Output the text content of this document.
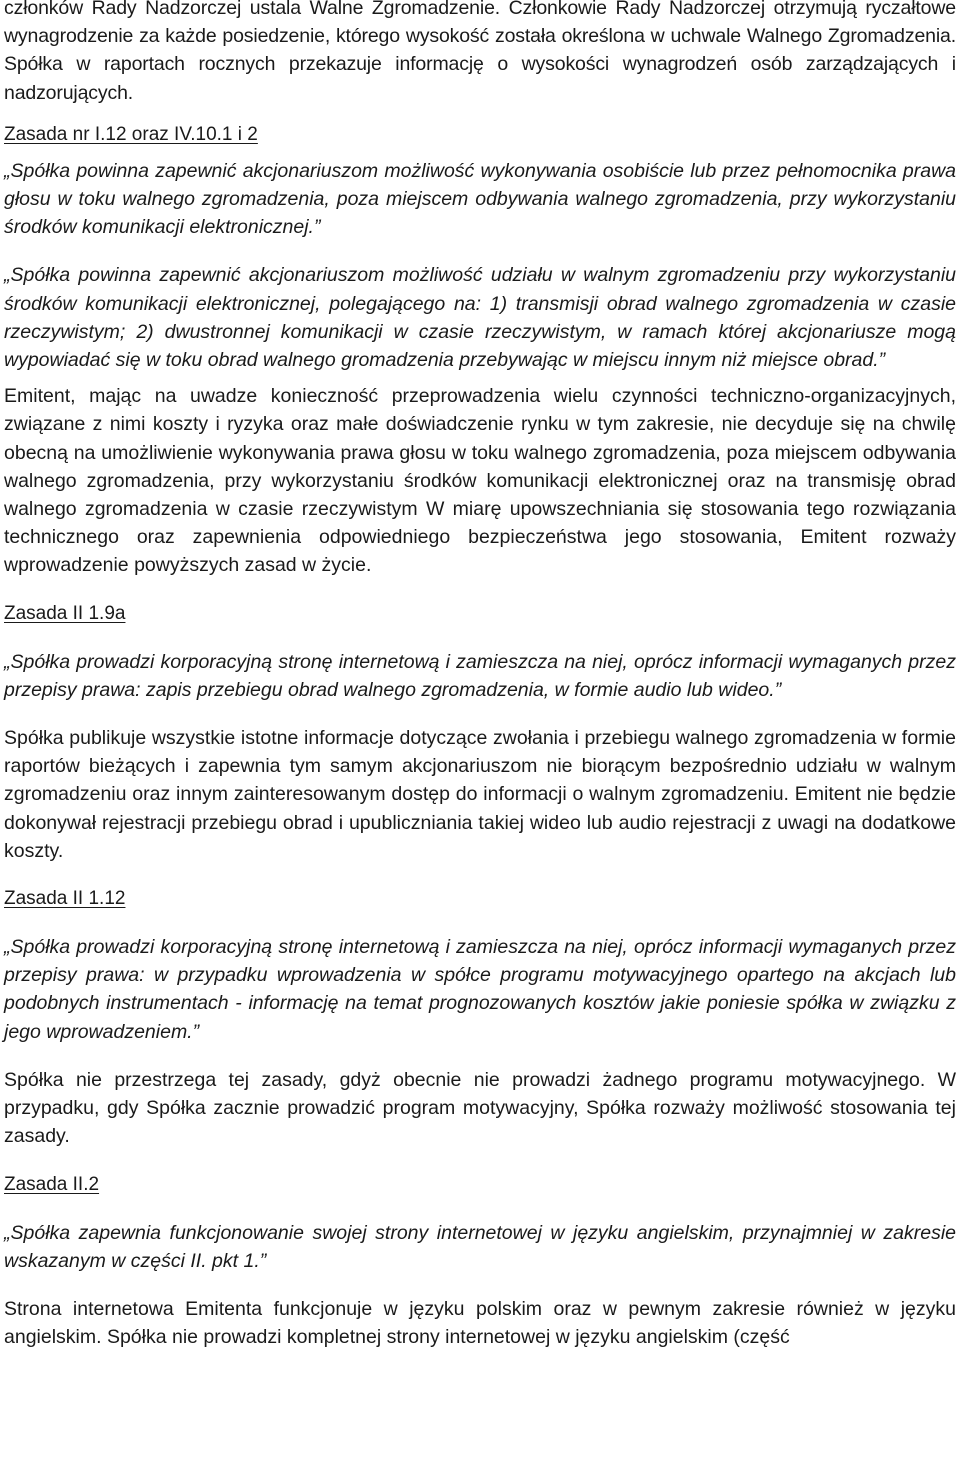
członków Rady Nadzorczej ustala Walne Zgromadzenie. Członkowie Rady Nadzorczej otrzymują ryczałtowe wynagrodzenie za każde posiedzenie, którego wysokość została określona w uchwale Walnego Zgromadzenia. Spółka w raportach rocznych przekazuje informację o wysokości wynagrodzeń osób zarządzających i nadzorujących.

Zasada nr I.12 oraz IV.10.1 i 2

„ Spółka powinna zapewnić akcjonariuszom możliwość wykonywania osobiście lub przez pełnomocnika prawa głosu w toku walnego zgromadzenia, poza miejscem odbywania walnego zgromadzenia, przy wykorzystaniu środków komunikacji elektronicznej. ”

„ Spółka powinna zapewnić akcjonariuszom możliwość udziału w walnym zgromadzeniu przy wykorzystaniu środków komunikacji elektronicznej, polegającego na: 1) transmisji obrad walnego zgromadzenia w czasie rzeczywistym; 2) dwustronnej komunikacji w czasie rzeczywistym, w ramach której akcjonariusze mogą wypowiadać się w toku obrad walnego gromadzenia przebywając w miejscu innym niż miejsce obrad. ”

Emitent, mając na uwadze konieczność przeprowadzenia wielu czynności techniczno-organizacyjnych, związane z nimi koszty i ryzyka oraz małe doświadczenie rynku w tym zakresie, nie decyduje się na chwilę obecną na umożliwienie wykonywania prawa głosu w toku walnego zgromadzenia, poza miejscem odbywania walnego zgromadzenia, przy wykorzystaniu środków komunikacji elektronicznej oraz na transmisję obrad walnego zgromadzenia w czasie rzeczywistym W miarę upowszechniania się stosowania tego rozwiązania technicznego oraz zapewnienia odpowiedniego bezpieczeństwa jego stosowania, Emitent rozważy wprowadzenie powyższych zasad w życie.

Zasada II 1.9a

„ Spółka prowadzi korporacyjną stronę internetową i zamieszcza na niej, oprócz informacji wymaganych przez przepisy prawa: zapis przebiegu obrad walnego zgromadzenia, w formie audio lub wideo. ”

Spółka publikuje wszystkie istotne informacje dotyczące zwołania i przebiegu walnego zgromadzenia w formie raportów bieżących i zapewnia tym samym akcjonariuszom nie biorącym bezpośrednio udziału w walnym zgromadzeniu oraz innym zainteresowanym dostęp do informacji o walnym zgromadzeniu. Emitent nie będzie dokonywał rejestracji przebiegu obrad i upubliczniania takiej wideo lub audio rejestracji z uwagi na dodatkowe koszty.

Zasada II 1.12

„ Spółka prowadzi korporacyjną stronę internetową i zamieszcza na niej, oprócz informacji wymaganych przez przepisy prawa: w przypadku wprowadzenia w spółce programu motywacyjnego opartego na akcjach lub podobnych instrumentach - informację na temat prognozowanych kosztów jakie poniesie spółka w związku z jego wprowadzeniem. ”

Spółka nie przestrzega tej zasady, gdyż obecnie nie prowadzi żadnego programu motywacyjnego. W przypadku, gdy Spółka zacznie prowadzić program motywacyjny, Spółka rozważy możliwość stosowania tej zasady.

Zasada II.2

„ Spółka zapewnia funkcjonowanie swojej strony internetowej w języku angielskim, przynajmniej w zakresie wskazanym w części II. pkt 1. ”

Strona internetowa Emitenta funkcjonuje w języku polskim oraz w pewnym zakresie również w języku angielskim. Spółka nie prowadzi kompletnej strony internetowej w języku angielskim (część
